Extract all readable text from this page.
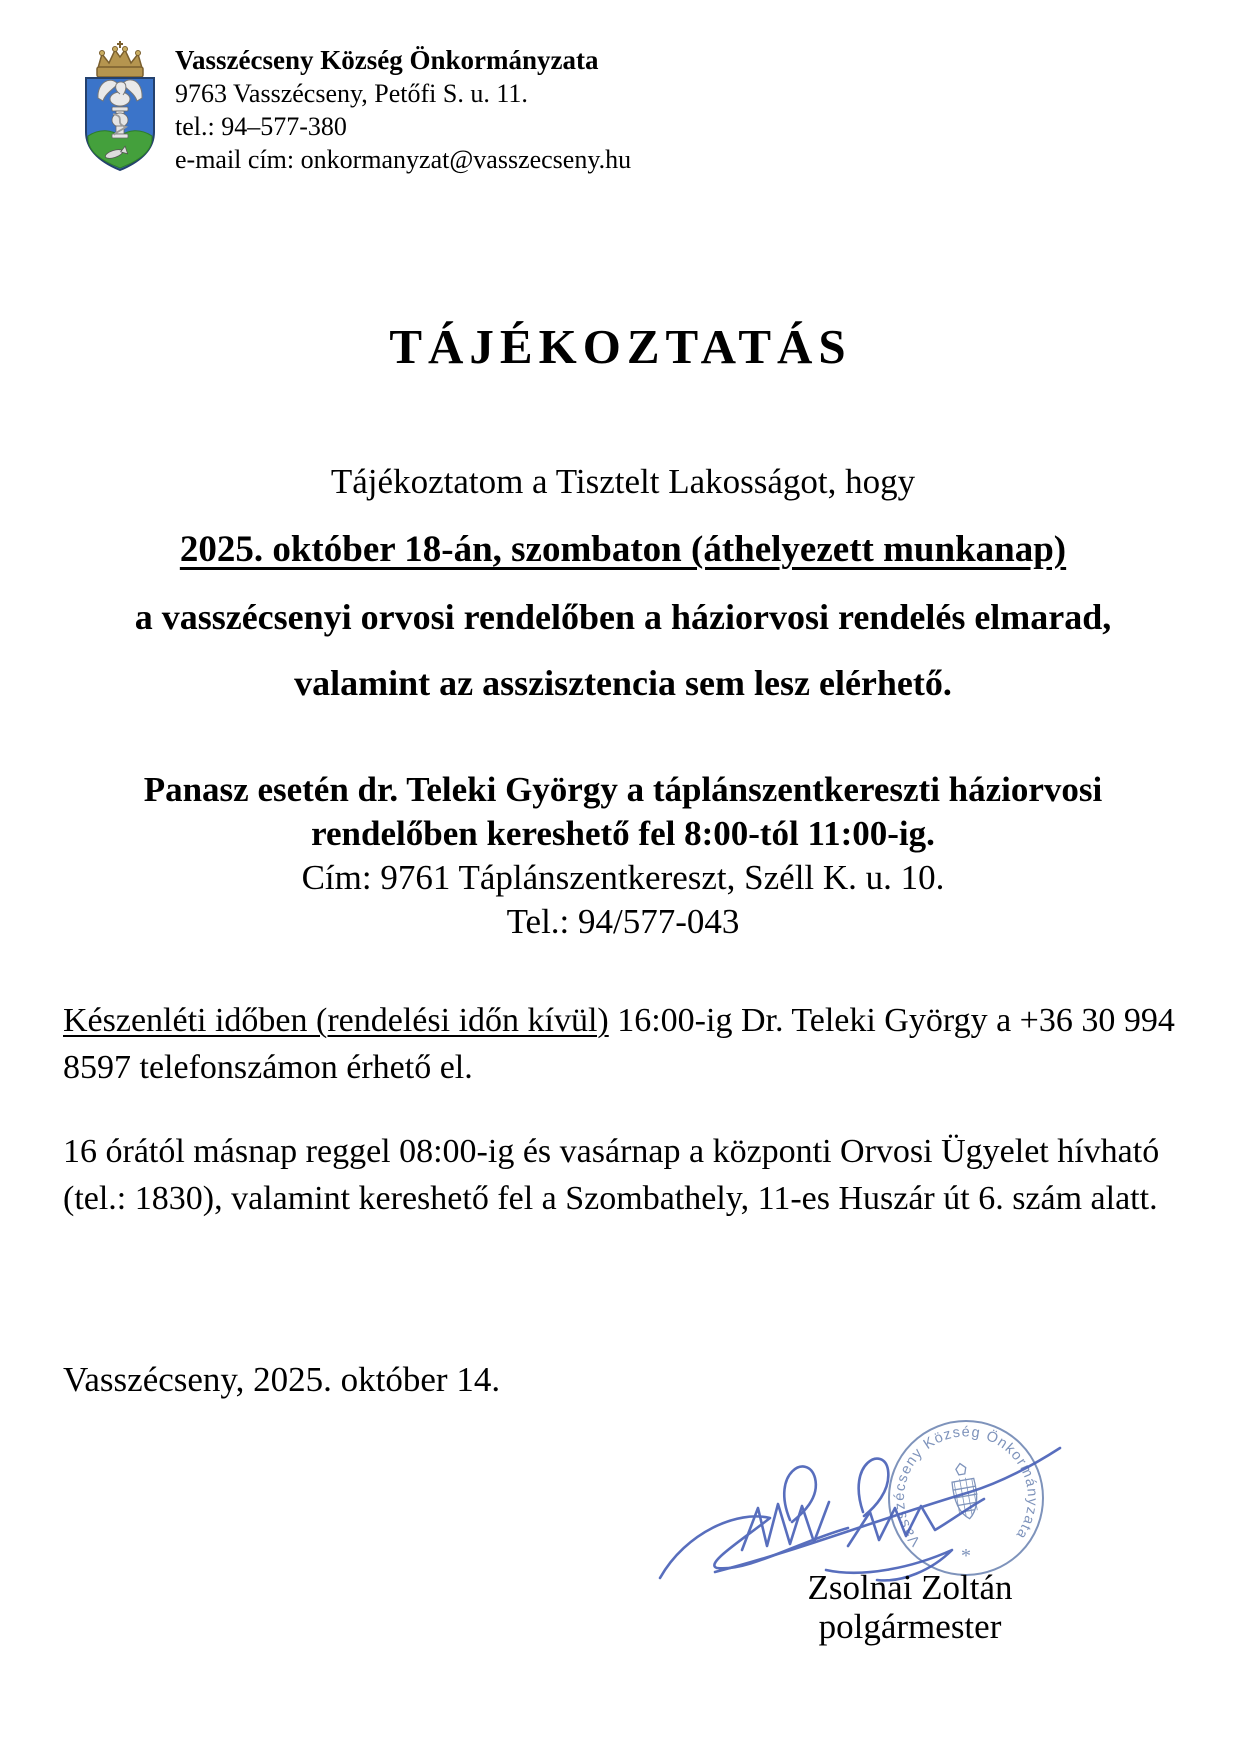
Vasszécseny Község Önkormányzata
9763 Vasszécseny, Petőfi S. u. 11.
tel.: 94–577-380
e-mail cím: onkormanyzat@vasszecseny.hu
TÁJÉKOZTATÁS
Tájékoztatom a Tisztelt Lakosságot, hogy
2025. október 18-án, szombaton (áthelyezett munkanap)
a vasszécsenyi orvosi rendelőben a háziorvosi rendelés elmarad,
valamint az asszisztencia sem lesz elérhető.
Panasz esetén dr. Teleki György a táplánszentkereszti háziorvosi
rendelőben kereshető fel 8:00-tól 11:00-ig.
Cím: 9761 Táplánszentkereszt, Széll K. u. 10.
Tel.: 94/577-043
Készenléti időben (rendelési időn kívül) 16:00-ig Dr. Teleki György a +36 30 994 8597 telefonszámon érhető el.
16 órától másnap reggel 08:00-ig és vasárnap a központi Orvosi Ügyelet hívható (tel.: 1830), valamint kereshető fel a Szombathely, 11-es Huszár út 6. szám alatt.
Vasszécseny, 2025. október 14.
Vasszécseny Község Önkormányzata
*
Zsolnai Zoltán
polgármester
